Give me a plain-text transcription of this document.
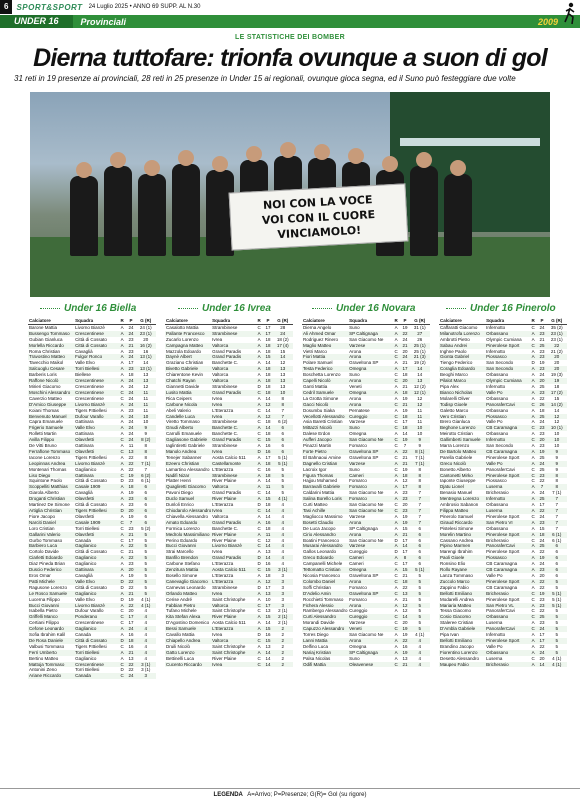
6	SPORT&SPORT 24 Luglio 2025 • ANNO 69 SUPP. AL N.30
UNDER 16	Provinciali	2009
LE STATISTICHE DEI BOMBER
Dierna tuttofare: trionfa ovunque a suon di gol
31 reti in 19 presenze ai provinciali, 28 reti in 25 presenze in Under 15 ai regionali, ovunque gioca segna, ed il Suno può festeggiare due volte
NOI CON LA VOCE
VOI CON IL CUORE
VINCIAMOLO!
Under 16 Biella	Under 16 Ivrea	Under 16 Novara	Under 16 Pinerolo
Calciatore	Squadra	R	P	G (R)
Barone Mattia	Livorno Bianzè	A	24	24 (1)
Bussengo Tommaso	Crescentinese	A	24	23 (1)
Gubian Gianluca	Città di Cossato	A	23	20
Morlella Riccardo	Città di Cossato	A	21	16 (2)
Roma Christian	Cavaglià	A	23	16
Travostino Matteo	Fulgor Ronco	A	24	13 (1)
Tavecchio Maikol	Valle Elvo	A	17	14
Salcuoglu Cesare	Torri Biellesi	A	23	13 (1)
Barberis Loris	Biellese	A	18	13
Raffone Nicolò	Crescentinese	A	24	13
Mirieri Giacomo	Crescentinese	A	24	12
Moschini Alessandro	Crescentinese	C	24	11
Caverzio Matteo	Crescentinese	C	24	11
D'Amico Giuseppe	Livorno Bianzè	A	24	11
Koiani Thomas	Tigers P.Biellesi	A	23	11
Benvenuto Manuel	Dufour Varallo	A	24	10
Capra Emanuele	Gattinara	A	24	10
Frigerio Samuele	Valle Elvo	A	24	9
Rolletti Martin	Gattinara	A	24	9
Avilla Filippo	Olavsfetti	C	24	8 (2)
De Vitti Bruno	Gattinara	A	11	8
Ferraflone Tommaso	Olavsfetti	C	13	8
Iacone Lorenzo	Tigers P.Biellesi	A	22	8
Leopinnas Andrea	Livorno Bianzè	A	22	7 (1)
Montenari Thomas	Gaglianico	A	22	7
Liso Diego	Gattinara	C	19	6 (2)
Squintone Paolo	Città di Cossato	D	23	6 (1)
Scoppelliti Matthias	Casale 1909	A	18	6
Giarola Alberto	Cavaglià	A	19	6
Droganti Christian	Olavsfetti	A	23	6
Martinez De Simone	Città di Cossato	A	23	6
Artiglia Christian	Tigers P.Biellesi	D	20	6
Fiore Jacopo	Olavsfetti	A	19	6
Narciti Daniel	Casale 1909	C	7	6
Loro Cristian	Torri Biellesi	C	23	5 (2)
Gallarini Valerio	Olavsfetti	A	21	5
Gurbo Tommaso	Canada	C	17	5
Barbiero Luca	Gaglianico	A	22	5
Cortolo Davide	Città di Cossato	C	21	5
Ciarletti Edoardo	Gaglianico	A	22	5
Diaz Pineda Brian	Gaglianico	A	23	5
Duscio Federico	Gattinara	A	20	5
Eros Omar	Cavaglià	A	19	5
Patti Michele	Valle Elvo	D	22	5
Ragusone Lorenzo	Città di Cossato	D	22	5
Le Rosco Samuele	Gaglianico	A	21	5
Lucerna Filippo	Valle Elvo	D	19	4 (1)
Bucci Giovanni	Livorno Bianzè	A	22	4 (1)
Isabella Pietro	Dufour Varallo	C	20	4
Griffelli Manco	Ponderano	C	17	4
Certiani Filippo	Crescentinese	C	17	4
Cefone Leonardo	Gaglianico	A	24	4
Sofia Ibrahim Kalil	Canada	A	16	4
De Rosa Daniele	Città di Cossato	D	18	4
Valbusi Tommaso	Tigers P.Biellesi	C	16	4
Ferri Umberto	Torri Biellesi	A	21	4
Bertino Matteo	Gaglianico	A	13	4
Mattoja Tommaso	Crescentinese	C	22	3 (1)
Antonini Zeno	Torri Biellesi	D	22	3 (1)
Ariane Riccardo	Canada	C	24	3
Calciatore	Squadra	R	P	G (R)
Casalotto Mattia	Strambinese	C	17	28
Pallante Francesco	Strambinese	A	17	24
Zucarlo Lorenzo	Ivrea	A	18	18 (2)
Campagna Matteo	Valtorca	A	18	17 (4)
Mazzola Edoardo	Grand Paradis	A	18	15
Daynè Albert	Grand Paradis	A	15	14
Graziano Christian	Banchette C.	A	14	12
Bivetto Gabriele	Valtorca	A	18	13
Chiarentone Kevin	Valtorca	A	18	13
Chatchi Rayan	Valtorca	A	18	13
Giannetti Davide	Strambinese	D	18	13
Lusito Mattia	Grand Paradis	C	18	10
Rica Ceipers	Ivrea	A	14	8
Carbone Nicola	Ivrea	A	12	8
Abeli Valerio	L'Eterazza	C	14	7
Candelle Luca	Ivrea	A	12	7
Viretto Tommaso	Strambinese	C	18	6 (2)
Gnudi Alberto	Banchette C.	A	14	6
Carrulli Emanuele	Banchette C.	C	18	6
Gagliasone Gabriele	Grand Paradis	C	15	6
Iaglintiretti Gabriele	Strambinese	A	16	6
Manolo Andrea	Ivrea	D	16	6
Tenejer Sabanner	Aosta Calcio 511	A	17	5 (1)
Ezeero Christian	Castellamonte	A	18	5 (1)
Lamartino Alessandro	L'Eterazza	C	16	5
Nadifi Nizar	Strambinese	A	18	5
Platter Henri	River Plaine	A	14	5
Quagliretti Giacomo	Valtorca	A	11	5
Pavoni Diego	Grand Paradis	C	14	5
Duclo Samuel	River Plaine	A	15	4 (1)
Dunloli Enrico	L'Eterazza	D	18	4
Chiodarolo Alessandro	Ivrea	C	14	4
Chiavella Alessandro	Valtorca	A	14	4
Amato Edoardo	Grand Paradis	A	16	4
Formica Lorenzo	Banchette C.	C	18	4
Medrolo Massimiliano	River Plaine	A	11	4
Perino Edoardo	River Plaine	C	12	4
Bucci Giovanni	Livorno Bianzè	C	14	4
Strai Marcello	Ivrea	A	13	4
Banfilo Brendon	Grand Paradis	D	14	4
Carbone Stefano	L'Eterazza	D	16	4
Zenzitura Mattia	Aosta Calcio 511	C	15	3 (1)
Bosello Simone	L'Eterazza	A	18	3
Canevaglio Giacomo	L'Eterazza	A	12	3
Carnevas Leonardo	Strambinese	D	17	3
Orlando Matteo	Ivrea	A	13	3
Cerise André	Saint Christophe	A	10	3
Fabbian Pietro	Valtorca	C	17	3
Tufano Michele	Saint Christophe	C	13	2 (1)
Kita Stefan Alexa	River Plaine	A	15	2 (1)
D'Agostino Domenico	Aosta Calcio 511	A	14	2 (1)
Bessi Samuele	L'Eterazza	A	15	2
Cavallo Mattia	Ivrea	D	16	2
Chiapello Andrea	Valtorca	C	15	2
Druili Nicolò	Saint Christophe	A	13	2
Gatto Lorenzo	Saint Christophe	A	14	2
Bettinelli Luca	River Plaine	C	14	2
Cucento Riccardo	Ivrea	C	14	2
Calciatore	Squadra	R	P	G (R)
Dierna Angelo	Suno	A	19	31 (1)
Ali Ahmed Omar	SP Caltignaga	A	22	27
Rodriguez Rinero	San Giacomo Ne	A	24	26
Maglio Matteo	Varzese	A	21	25 (1)
Vietri Marco	Arona	C	20	25 (1)
Fiori Mattia	Arona	C	24	21 (3)
Polare Samuel	GravelIona SP	A	21	19 (2)
Testa Federico	Omegna	A	17	14
Boschetta Lorenzo	Suno	C	18	14
Capelli Nicolò	Arona	C	20	13
Ganti Mattia	Veneti	A	21	12 (2)
Cedril Samuele	Omegna	A	18	12 (1)
La Grotta Simone	Arona	A	19	12
Gacci Nicolò	Arona	C	21	12
Dosumbu Siaka	Pernatese	A	19	11
Vecellotti Alessandro	Cureggio	C	18	11
Asia Baretti Cristian	Varzese	C	17	11
Mittazzi Nicolò	Suno	C	18	10
Dalese Erdon	Omegna	A	14	10
Aufferi Jacopo	San Giacomo Ne	C	19	9
Pinazzi Martin	Fomarco	C	7	9
Forte Pietro	GravelIona SP	A	22	8 (1)
El Bahnaoui Amine	GravelIona SP	C	21	7 (1)
Dagnello Cristian	Varzese	A	21	7 (1)
Lacroix Igor	Suno	C	19	8
Figura Thomas	Cameri	A	18	8
Hajjou Mohamed	Fomarco	A	12	8
Barravalli Gabriele	Fomarco	A	17	8
Caldarini Mattia	San Giacomo Ne	A	23	7
Salina Borello Loris	Fomarco	A	23	7
Curti Matteo	San Giacomo Ne	C	20	7
Tasi Achille	San Giacomo Ne	C	23	7
Magliocco Massimo	Varzese	A	19	7
Bosetti Claudio	Arona	A	19	7
De Luca Jacopo	SP Caltignaga	A	15	6
Cirio Alessandro	Arona	A	21	6
Boatini Francesco	San Giacomo Ne	D	17	6
Musarai Alessandro	Varzese	A	14	6
Gallos Leonardo	Cureggio	D	17	6
Greco Edoardo	Cameri	A	8	6
Campanelli Michele	Cameri	C	17	6
Tettomatto Cristian	Omegna	A	15	5 (1)
Nicosia Francesco	GravelIona SP	C	21	5
Colombo Daniel	Arona	C	18	5
Soffi Christian	Fomarco	A	22	5
D'Adelio Amin	GravelIona SP	C	13	5
Rocchietti Tommaso	Fomarco	A	21	5
Fichera Alessio	Arona	A	12	5
Rambergo Alessandro	Cureggio	A	12	5
Curti Alessandro	Cureggio	C	14	5
Morandi Davide	Varzese	C	20	5
Capuzzo Alessandro	Veneti	C	19	5
Torres Diego	San Giacomo Ne	A	19	4 (1)
Lanni Mattia	Arona	A	22	4
Delfino Luca	Omegna	A	16	4
Nariaj Kristian	SP Caltignaga	A	19	4
Palsa Nicolas	Suno	A	13	4
Odifi Mattia	Oleavenese	C	21	4
Calciatore	Squadra	R	P	G (R)
Caffaratti Giacomo	Infernotto	C	24	35 (2)
Milanotrofa Lorenzo	Orbassano	A	23	23 (1)
Ambrotti Pietro	Olympic Cumiana	A	21	23 (1)
Sabau Andrei	Pinerolese Sport	C	25	22
Inghne Paolo	Infernotto	A	23	21 (2)
Gionta Gabriel	Piossasco	A	23	20
Tiengo Federico	San Secondo	D	19	20
Coraglia Edoardo	San Secondo	A	23	20
Beoghi Marco	Orbassano	A	24	19 (3)
Pilalot Marco	Olympic Cumiana	A	20	19
Pipa Alex	Infernotto	A	25	18
Bianco Nicholas	Valle Po	A	23	17 (2)
Molarelli Oliver	Orbassano	A	22	15
Todisp Gioele	PanoraferCavi	C	26	14 (2)
Galetto Marco	Orbassano	A	18	14
Vero Cristian	Piossasco	A	25	12
Brero Gianluca	Valle Po	A	24	12
Beghone Lorenzo	CB Caramagna	C	23	10 (1)
Meirotto Cristian	Orbassano	A	23	10
Gallimberti Samuele	Infernotto	C	20	10
Marra Lorenzo	San Secondo	A	23	10
De Bartolo Matteo	CB Caramagna	A	19	9
Parella Gabriele	Pinerolese Sport	A	25	9
Greco Nicolò	Valle Po	A	24	9
Bonetto Alberto	PanoraferCavi	C	25	9
Cantonetti Mirko	Pinerolese Sport	C	23	8
Iaponte Giuseppe	Piossasco	C	22	8
Djatu Lionel	Luserna	A	7	8
Benasio Manuel	Bricherasio	A	24	7 (1)
Mentregna Lorenzo	Infernotto	A	25	7
Ambrosio Sabanon	Orbassano	A	17	7
Filippa Matteo	Luserna	A	22	7
Pinerolo Samuel	Pinerolese Sport	C	24	7
Giraud Riccardo	San Pietro VI	A	23	7
Pistelesi Simone	Orbassano	A	15	7
Morelin Martino	Pinerolese Sport	A	18	6 (1)
Cassano Andrea	Bricherasio	C	24	6 (1)
Pipino Marmen	PanoraferCavi	A	25	6
Marengi Ibrahim	Pinerolese Sport	A	22	6
Paoli Gioele	Piossasco	A	19	6
Ronsino Elio	CB Caramagna	A	24	6
Rollo Rayane	CB Caramagna	A	23	6
Lanza Tommaso	Valle Po	A	20	6
Zuccolo Marco	Pinerolese Sport	A	22	5
Zappino Fabio	CB Caramagna	A	22	5
Bellotti Emiliano	Bricherasio	C	19	5 (1)
Modarelli Andrea	Pinerolese Sport	C	23	5 (1)
Mariaria Matteo	San Pietro VL	A	23	5 (1)
Tessa Giacomo	PanoraferCavi	C	22	5
Cosio Giacomo	Orbassano	C	25	5
Staleree Cristian	Luserna	A	23	5
D'Ambla Gabriele	PanoraferCavi	C	24	5
Pipa Ivan	Infernotto	A	17	5
Bellotti Emiliano	Pinerolese Sport	A	17	5
Brandino Jacopo	Valle Po	A	22	5
Fiorentino Lorenzo	Orbassano	A	24	5
Desetto Alessandro	Luserna	C	20	4 (1)
Maupeo Fabio	Bricherasio	A	14	4 (1)
LEGENDA A=Arrivo; P=Presenze; G(R)= Gol (su rigore)
